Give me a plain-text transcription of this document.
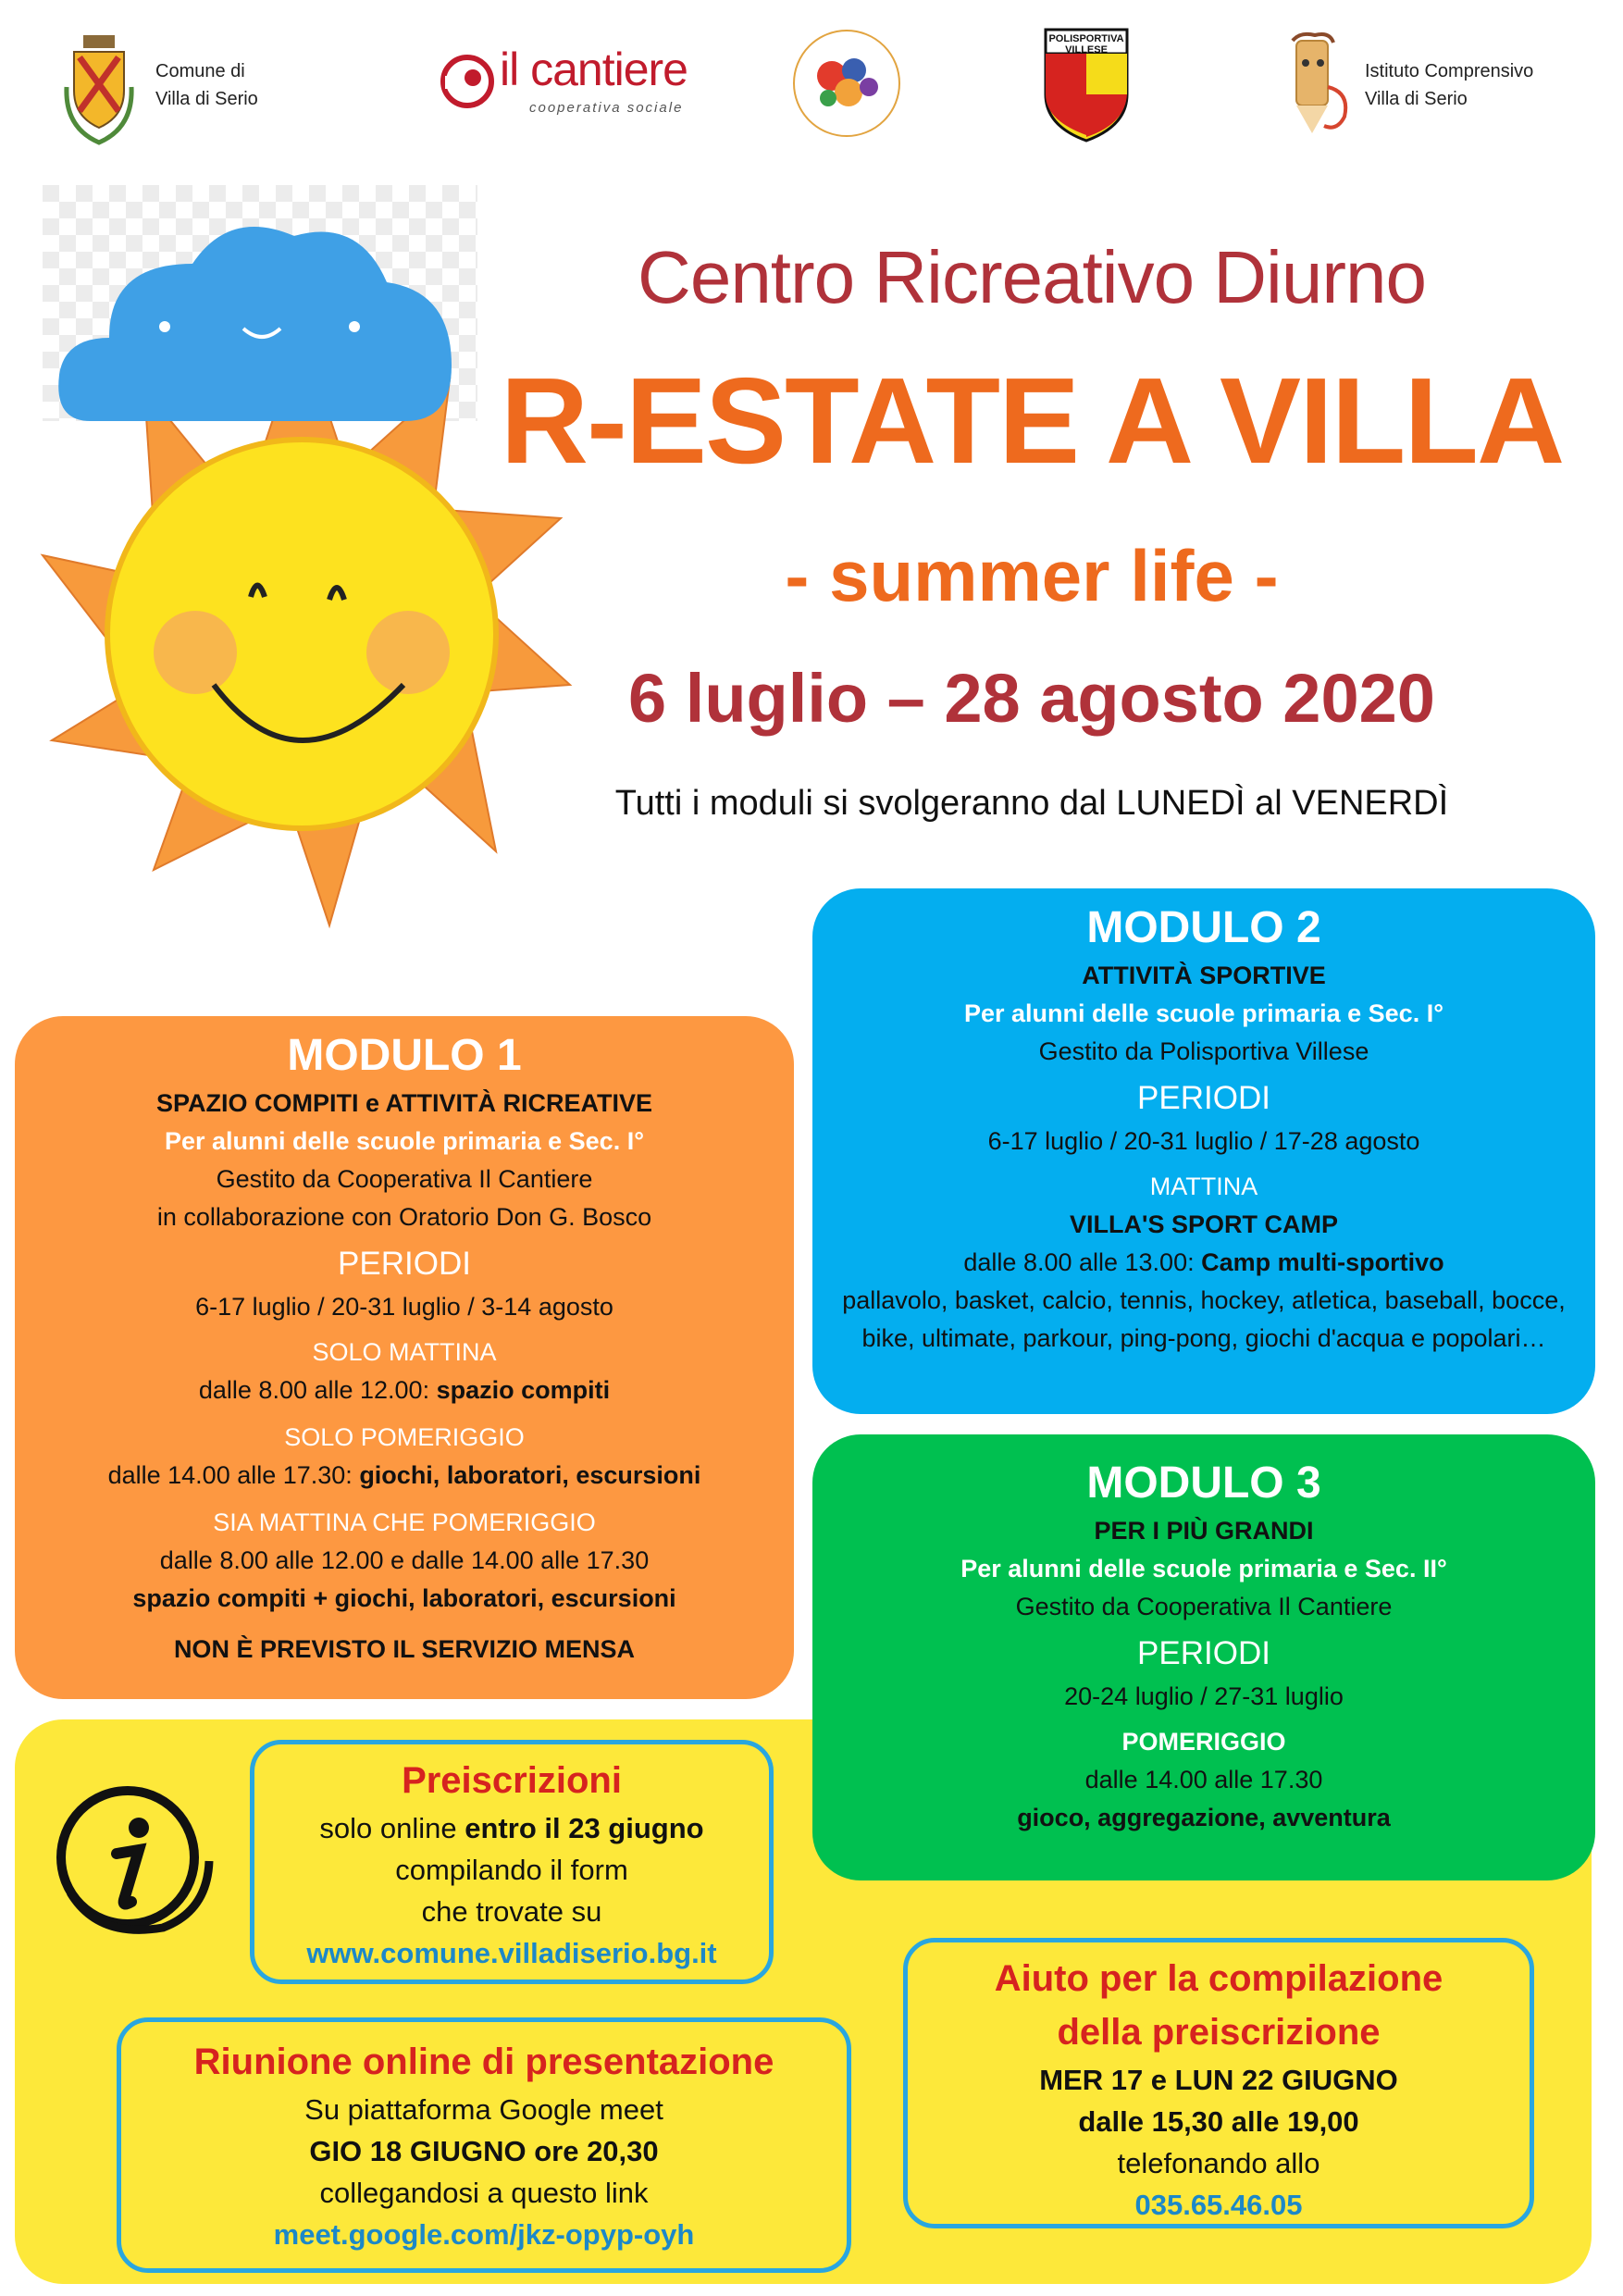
Comune di
Villa di Serio
il cantiere
cooperativa sociale
POLISPORTIVA
VILLESE
Istituto Comprensivo
Villa di Serio
Centro Ricreativo Diurno
R-ESTATE A VILLA
- summer life -
6 luglio – 28 agosto 2020
Tutti i moduli si svolgeranno dal LUNEDÌ al VENERDÌ
MODULO 1
SPAZIO COMPITI e ATTIVITÀ RICREATIVE
Per alunni delle scuole primaria e Sec. I°
Gestito da Cooperativa Il Cantiere
in collaborazione con Oratorio Don G. Bosco
PERIODI
6-17 luglio / 20-31 luglio / 3-14 agosto
SOLO MATTINA
dalle 8.00 alle 12.00: spazio compiti
SOLO POMERIGGIO
dalle 14.00 alle 17.30: giochi, laboratori, escursioni
SIA MATTINA CHE POMERIGGIO
dalle 8.00 alle 12.00 e dalle 14.00 alle 17.30
spazio compiti + giochi, laboratori, escursioni
NON È PREVISTO IL SERVIZIO MENSA
MODULO 2
ATTIVITÀ SPORTIVE
Per alunni delle scuole primaria e Sec. I°
Gestito da Polisportiva Villese
PERIODI
6-17 luglio / 20-31 luglio / 17-28 agosto
MATTINA
VILLA'S SPORT CAMP
dalle 8.00 alle 13.00: Camp multi-sportivo
pallavolo, basket, calcio, tennis, hockey, atletica, baseball, bocce, bike, ultimate, parkour, ping-pong, giochi d'acqua e popolari…
MODULO 3
PER I PIÙ GRANDI
Per alunni delle scuole primaria e Sec. II°
Gestito da Cooperativa Il Cantiere
PERIODI
20-24 luglio / 27-31 luglio
POMERIGGIO
dalle 14.00 alle 17.30
gioco, aggregazione, avventura
Preiscrizioni
solo online entro il 23 giugno
compilando il form
che trovate su
www.comune.villadiserio.bg.it
Riunione online di presentazione
Su piattaforma Google meet
GIO 18 GIUGNO ore 20,30
collegandosi a questo link
meet.google.com/jkz-opyp-oyh
Aiuto per la compilazione
della preiscrizione
MER 17 e LUN 22 GIUGNO
dalle 15,30 alle 19,00
telefonando allo
035.65.46.05
